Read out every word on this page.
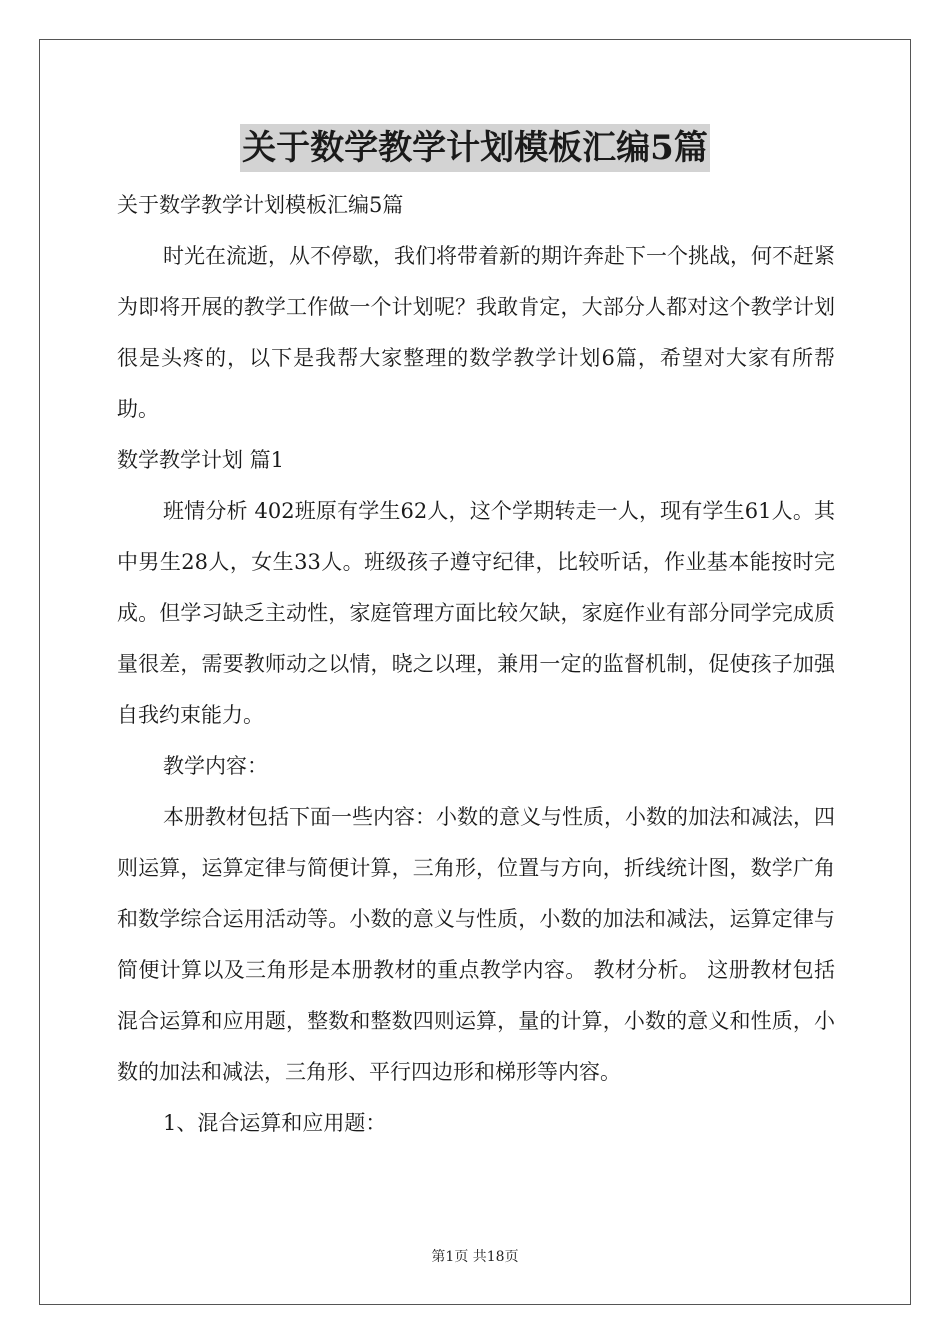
关于数学教学计划模板汇编5篇

关于数学教学计划模板汇编5篇

时光在流逝，从不停歇，我们将带着新的期许奔赴下一个挑战，何不赶紧为即将开展的教学工作做一个计划呢？我敢肯定，大部分人都对这个教学计划很是头疼的，以下是我帮大家整理的数学教学计划6篇，希望对大家有所帮助。

数学教学计划 篇1

班情分析 402班原有学生62人，这个学期转走一人，现有学生61人。其中男生28人，女生33人。班级孩子遵守纪律，比较听话，作业基本能按时完成。但学习缺乏主动性，家庭管理方面比较欠缺，家庭作业有部分同学完成质量很差，需要教师动之以情，晓之以理，兼用一定的监督机制，促使孩子加强自我约束能力。

教学内容：

本册教材包括下面一些内容：小数的意义与性质，小数的加法和减法，四则运算，运算定律与简便计算，三角形，位置与方向，折线统计图，数学广角和数学综合运用活动等。小数的意义与性质，小数的加法和减法，运算定律与简便计算以及三角形是本册教材的重点教学内容。 教材分析。 这册教材包括混合运算和应用题，整数和整数四则运算，量的计算，小数的意义和性质，小数的加法和减法，三角形、平行四边形和梯形等内容。

1、混合运算和应用题：

第1页 共18页
